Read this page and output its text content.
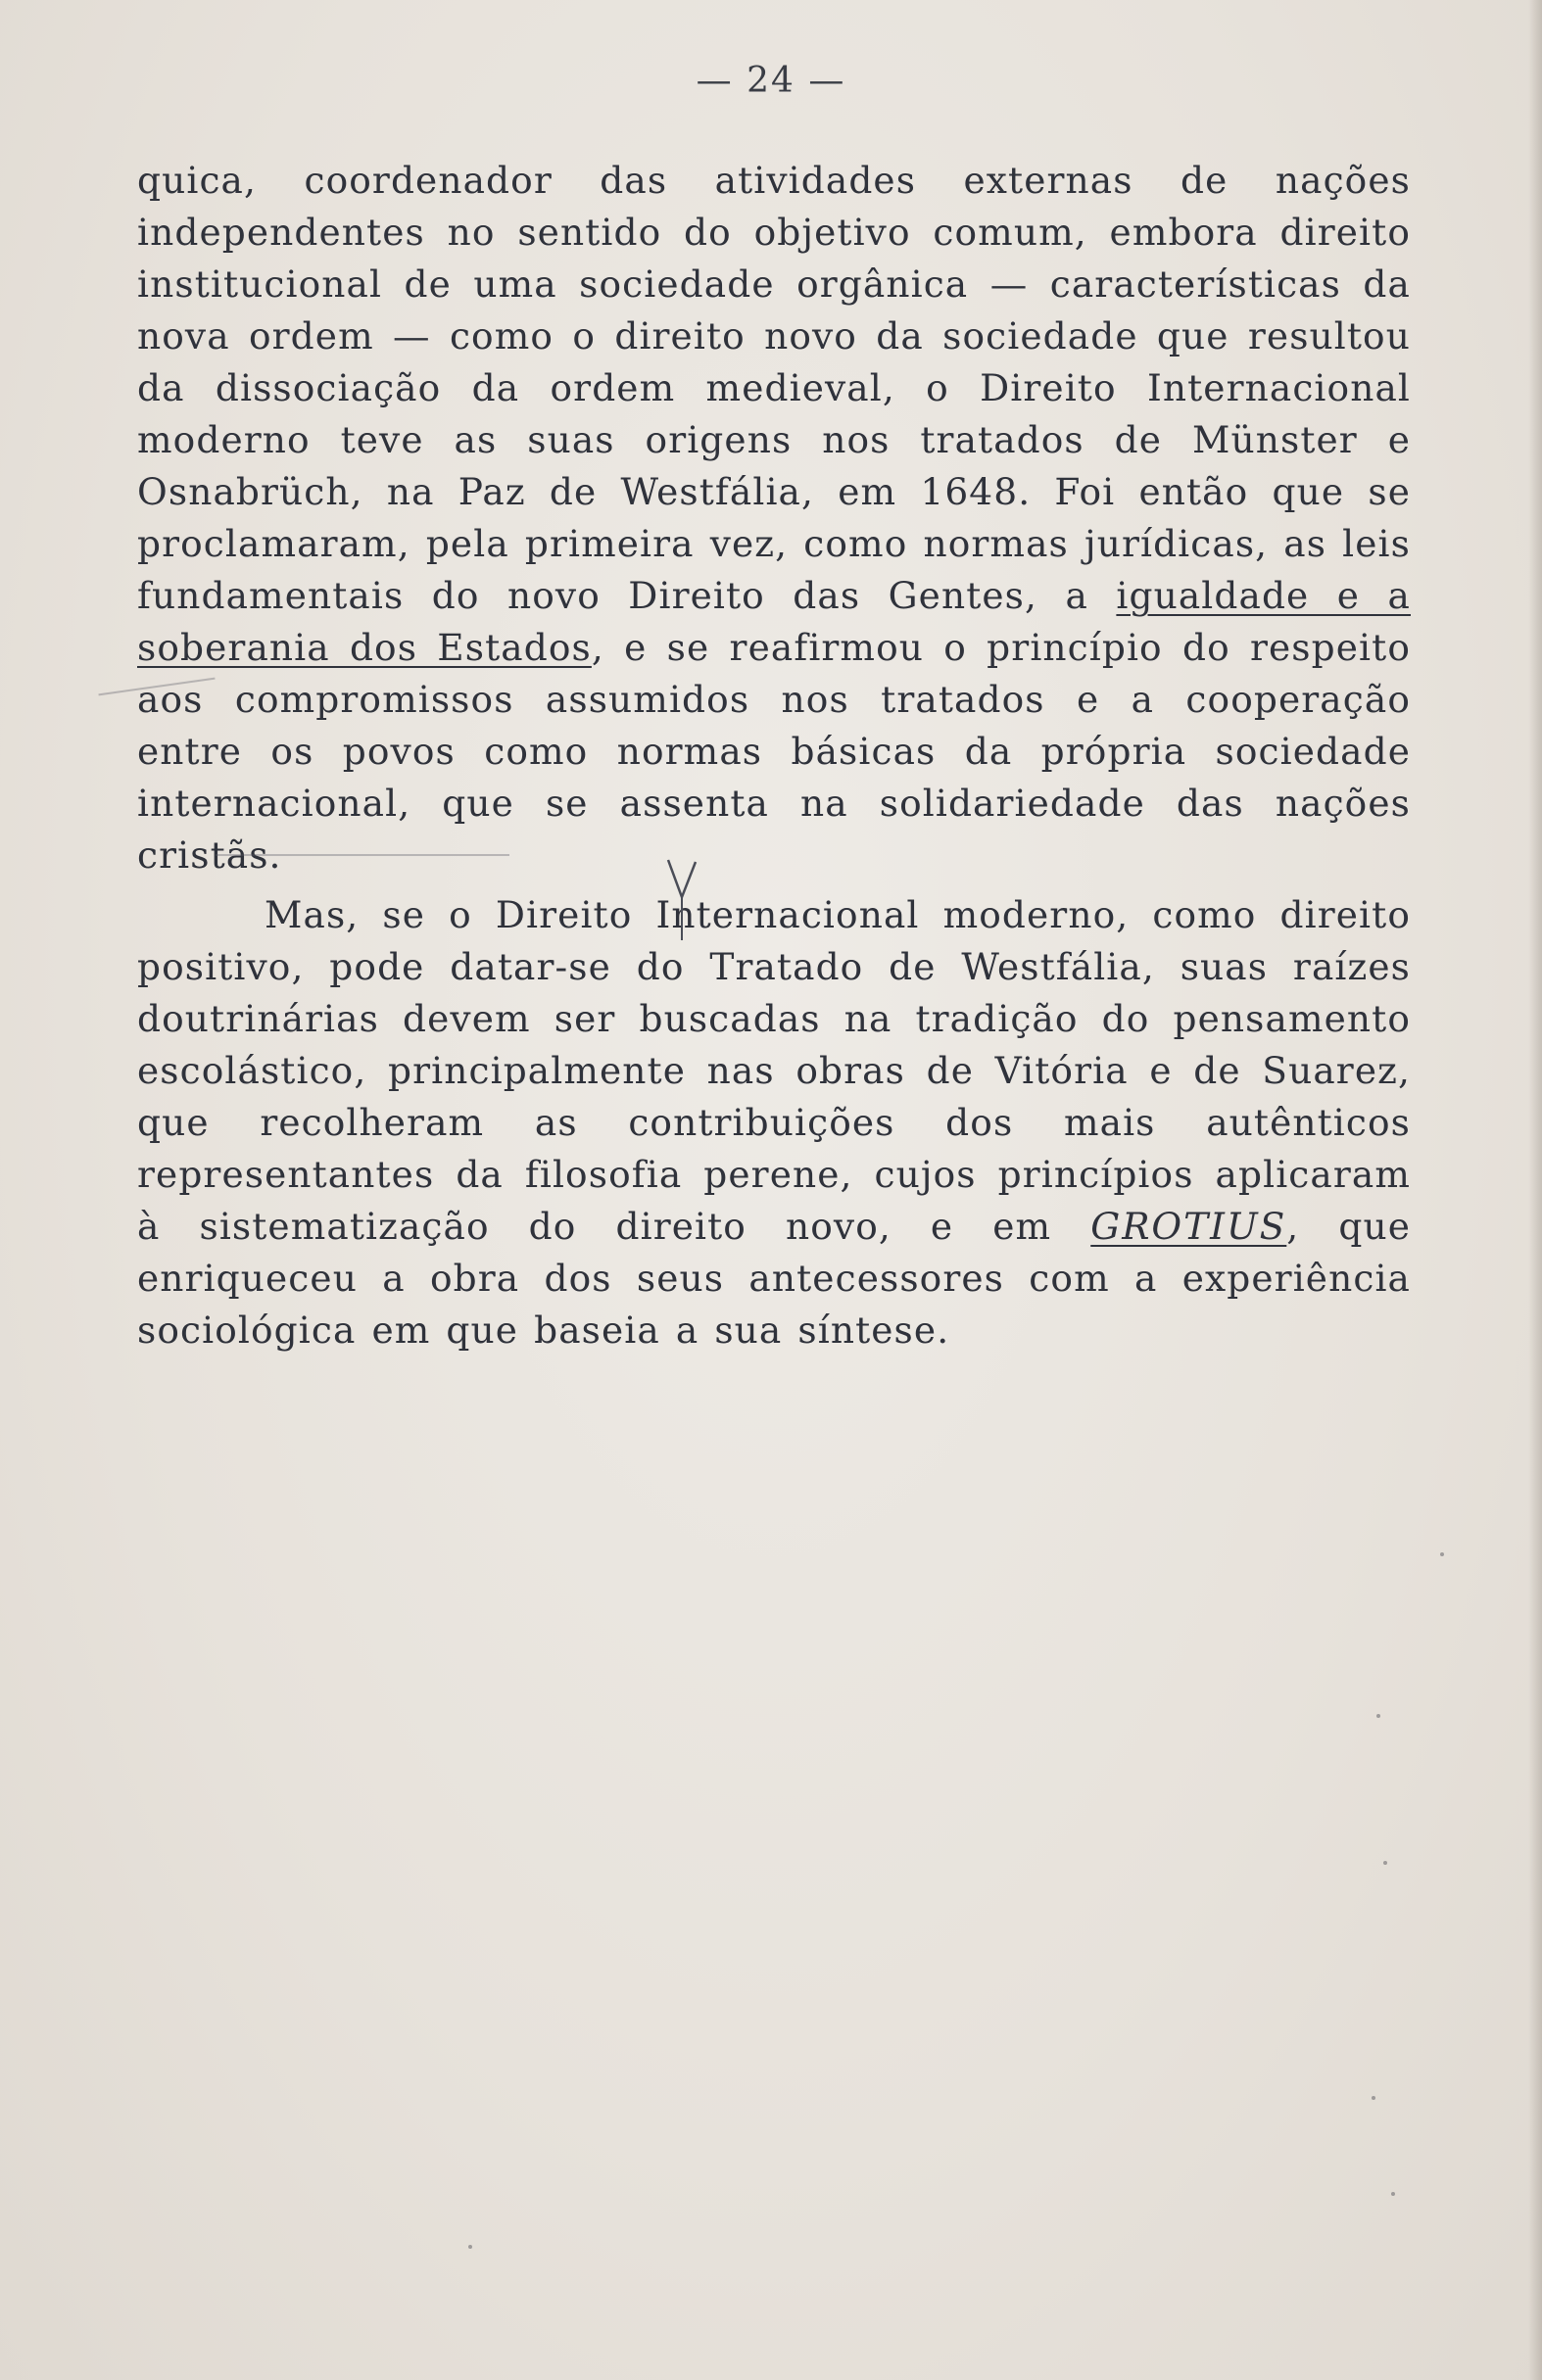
— 24 —

quica, coordenador das atividades externas de nações independentes no sentido do objetivo comum, embora direito institucional de uma sociedade orgânica — características da nova ordem — como o direito novo da sociedade que resultou da dissociação da ordem medieval, o Direito Internacional moderno teve as suas origens nos tratados de Münster e Osnabrüch, na Paz de Westfália, em 1648. Foi então que se proclamaram, pela primeira vez, como normas jurídicas, as leis fundamentais do novo Direito das Gentes, a igualdade e a soberania dos Estados, e se reafirmou o princípio do respeito aos compromissos assumidos nos tratados e a cooperação entre os povos como normas básicas da própria sociedade internacional, que se assenta na solidariedade das nações cristãs.

Mas, se o Direito Internacional moderno, como direito positivo, pode datar-se do Tratado de Westfália, suas raízes doutrinárias devem ser buscadas na tradição do pensamento escolástico, principalmente nas obras de Vitória e de Suarez, que recolheram as contribuições dos mais autênticos representantes da filosofia perene, cujos princípios aplicaram à sistematização do direito novo, e em GROTIUS, que enriqueceu a obra dos seus antecessores com a experiência sociológica em que baseia a sua síntese.
